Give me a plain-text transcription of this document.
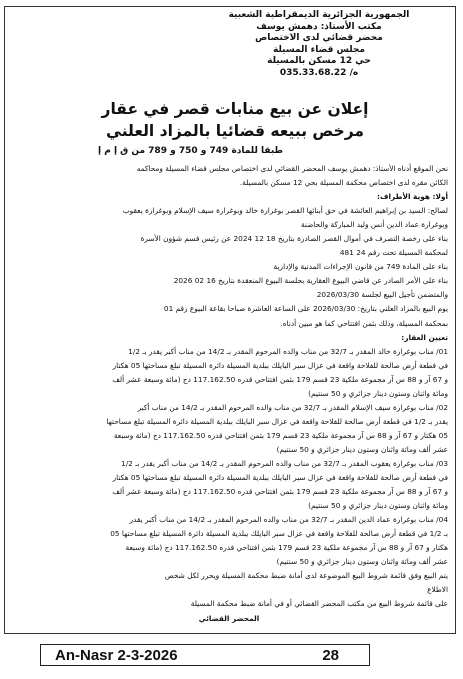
الجمهورية الجزائرية الديمقراطية الشعبية
مكتب الأستاذ: دهمش يوسف
محضر قضائي لدى الاختصاص
مجلس قضاء المسيلة
حي 12 مسكن بالمسيلة
035.33.68.22 /ه
إعلان عن بيع منابات قصر في عقار
مرخص ببيعه قضائيا بالمزاد العلني
طبقا للمادة 749 و 750 و 789 من ق إ م إ
نحن الموقع أدناه الأستاذ: دهمش يوسف المحضر القضائي لدى اختصاص مجلس قضاء المسيلة ومحاكمه
الكائن مقره لدى اختصاص محكمة المسيلة بحي 12 مسكن بالمسيلة.
أولا: هوية الأطراف:
لصالح: السيد بن إبراهيم العائشة في حق أبنائها القصر بوغرارة خالد وبوغرارة سيف الإسلام وبوغرارة يعقوب
وبوغرارة عماد الدين أنس وليد المباركة والحاضنة
بناء على رخصة التصرف في أموال القصر الصادرة بتاريخ 18 12 2024 عن رئيس قسم شؤون الأسرة
لمحكمة المسيلة تحت رقم 24 481
بناء على المادة 749 من قانون الإجراءات المدنية والإدارية
بناء على الأمر الصادر عن قاضي البيوع العقارية بجلسة البيوع المنعقدة بتاريخ 16 02 2026
والمتضمن تأجيل البيع لجلسة 2026/03/30
يوم البيع بالمزاد العلني بتاريخ: 2026/03/30 على الساعة العاشرة صباحا بقاعة البيوع رقم 01
بمحكمة المسيلة، وذلك بثمن افتتاحي كما هو مبين أدناه.
تعيين العقار:
01/ مناب بوغرارة خالد المقدر بـ 32/7 من مناب والده المرحوم المقدر بـ 14/2 من مناب أكبر يقدر بـ 1/2
في قطعة أرض صالحة للفلاحة واقعة في عزال سبر البايلك ببلدية المسيلة دائرة المسيلة تبلغ مساحتها 05 هكتار
و 67 آر و 88 س آر مجموعة ملكية 23 قسم 179 بثمن افتتاحي قدره 117.162.50 دج (مائة وسبعة عشر ألف
ومائة واثنان وستون دينار جزائري و 50 سنتيم)
02/ مناب بوغرارة سيف الإسلام المقدر بـ 32/7 من مناب والده المرحوم المقدر بـ 14/2 من مناب أكبر
يقدر بـ 1/2 في قطعة أرض صالحة للفلاحة واقعة في عزال سبر البايلك ببلدية المسيلة دائرة المسيلة تبلغ مساحتها
05 هكتار و 67 آر و 88 س آر مجموعة ملكية 23 قسم 179 بثمن افتتاحي قدره 117.162.50 دج (مائة وسبعة
عشر ألف ومائة واثنان وستون دينار جزائري و 50 سنتيم)
03/ مناب بوغرارة يعقوب المقدر بـ 32/7 من مناب والده المرحوم المقدر بـ 14/2 من مناب أكبر يقدر بـ 1/2
في قطعة أرض صالحة للفلاحة واقعة في عزال سبر البايلك ببلدية المسيلة دائرة المسيلة تبلغ مساحتها 05 هكتار
و 67 آر و 88 س آر مجموعة ملكية 23 قسم 179 بثمن افتتاحي قدره 117.162.50 دج (مائة وسبعة عشر ألف
ومائة واثنان وستون دينار جزائري و 50 سنتيم)
04/ مناب بوغرارة عماد الدين المقدر بـ 32/7 من مناب والده المرحوم المقدر بـ 14/2 من مناب أكبر يقدر
بـ 1/2 في قطعة أرض صالحة للفلاحة واقعة في عزال سبر البايلك ببلدية المسيلة دائرة المسيلة تبلغ مساحتها 05
هكتار و 67 آر و 88 س آر مجموعة ملكية 23 قسم 179 بثمن افتتاحي قدره 117.162.50 دج (مائة وسبعة
عشر ألف ومائة واثنان وستون دينار جزائري و 50 سنتيم)
يتم البيع وفق قائمة شروط البيع الموضوعة لدى أمانة ضبط محكمة المسيلة ويحرر لكل شخص
الاطلاع
على قائمة شروط البيع من مكتب المحضر القضائي أو في أمانة ضبط محكمة المسيلة
المحضر القضائي
An-Nasr 2-3-2026	28
